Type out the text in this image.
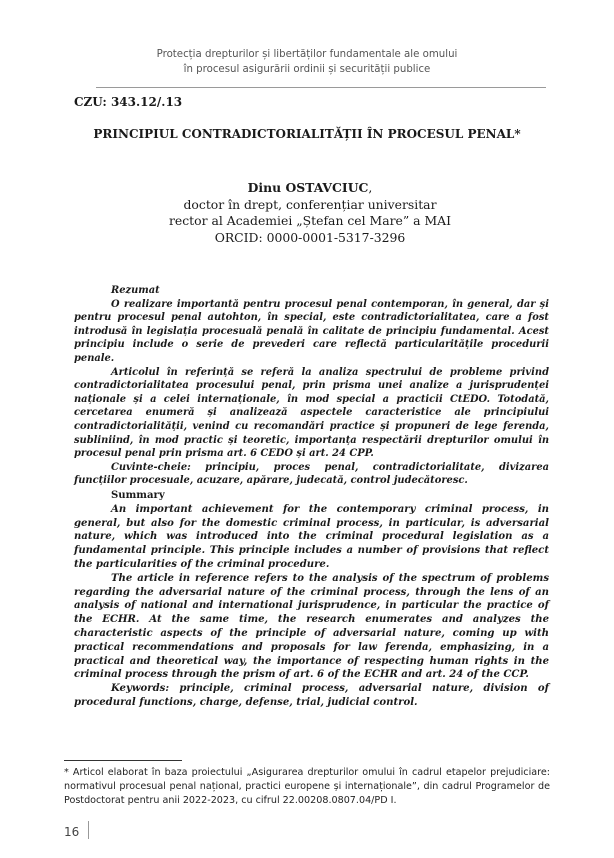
Protecția drepturilor și libertăților fundamentale ale omului
în procesul asigurării ordinii și securității publice
CZU: 343.12/.13
PRINCIPIUL CONTRADICTORIALITĂȚII ÎN PROCESUL PENAL*
Dinu OSTAVCIUC,
doctor în drept, conferențiar universitar
rector al Academiei „Ștefan cel Mare” a MAI
ORCID: 0000-0001-5317-3296
Rezumat

O realizare importantă pentru procesul penal contemporan, în general, dar și pentru procesul penal autohton, în special, este contradictorialitatea, care a fost introdusă în legislația procesuală penală în calitate de principiu fundamental. Acest principiu include o serie de prevederi care reflectă particularitățile procedurii penale.

Articolul în referință se referă la analiza spectrului de probleme privind contradictorialitatea procesului penal, prin prisma unei analize a jurisprudenței naționale și a celei internaționale, în mod special a practicii CtEDO. Totodată, cercetarea enumeră și analizează aspectele caracteristice ale principiului contradictorialității, venind cu recomandări practice și propuneri de lege ferenda, subliniind, în mod practic și teoretic, importanța respectării drepturilor omului în procesul penal prin prisma art. 6 CEDO și art. 24 CPP.

Cuvinte-cheie: principiu, proces penal, contradictorialitate, divizarea funcțiilor procesuale, acuzare, apărare, judecată, control judecătoresc.

Summary

An important achievement for the contemporary criminal process, in general, but also for the domestic criminal process, in particular, is adversarial nature, which was introduced into the criminal procedural legislation as a fundamental principle. This principle includes a number of provisions that reflect the particularities of the criminal procedure.

The article in reference refers to the analysis of the spectrum of problems regarding the adversarial nature of the criminal process, through the lens of an analysis of national and international jurisprudence, in particular the practice of the ECHR. At the same time, the research enumerates and analyzes the characteristic aspects of the principle of adversarial nature, coming up with practical recommendations and proposals for law ferenda, emphasizing, in a practical and theoretical way, the importance of respecting human rights in the criminal process through the prism of art. 6 of the ECHR and art. 24 of the CCP.

Keywords: principle, criminal process, adversarial nature, division of procedural functions, charge, defense, trial, judicial control.

* Articol elaborat în baza proiectului „Asigurarea drepturilor omului în cadrul etapelor prejudiciare: normativul procesual penal național, practici europene și internaționale”, din cadrul Programelor de Postdoctorat pentru anii 2022-2023, cu cifrul 22.00208.0807.04/PD I.

16
